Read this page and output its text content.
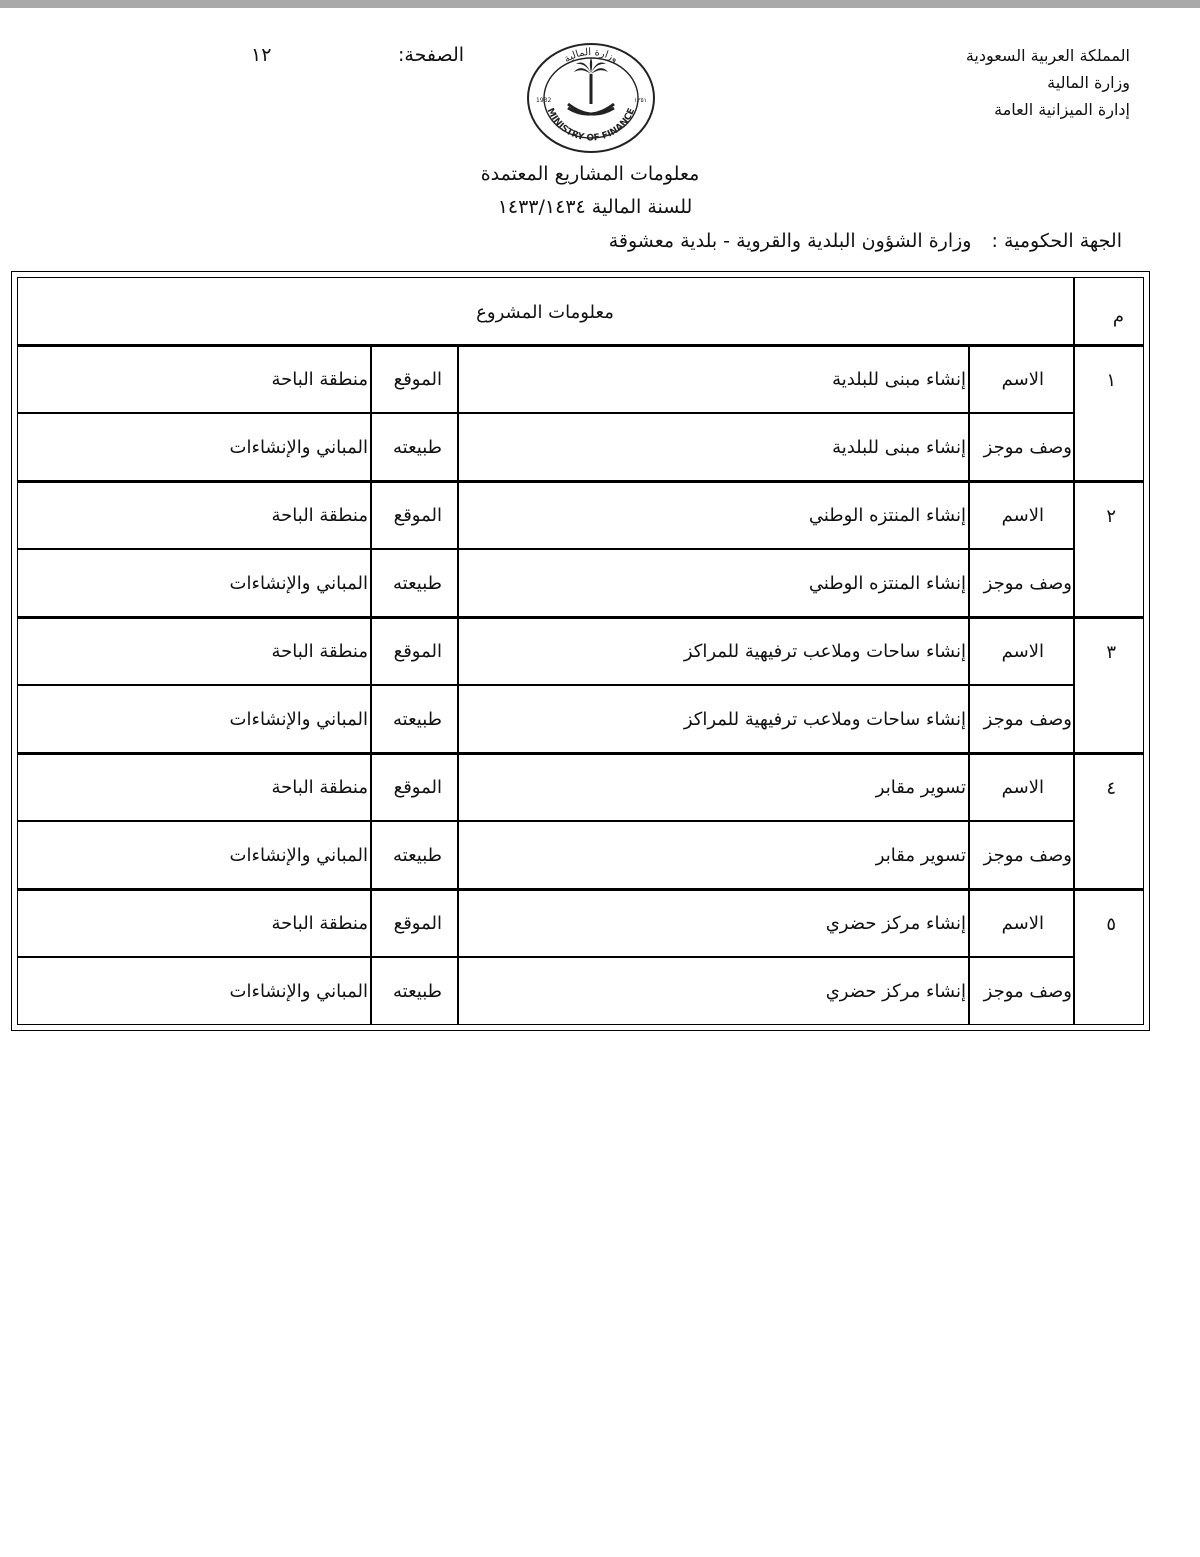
المملكة العربية السعودية
وزارة المالية
إدارة الميزانية العامة
الصفحة:
١٢	وزارة المالية
MINISTRY OF FINANCE
1932	١٣٥١
معلومات المشاريع المعتمدة
للسنة المالية ١٤٣٣/١٤٣٤
الجهة الحكومية : وزارة الشؤون البلدية والقروية - بلدية معشوقة
م
معلومات المشروع
١
الاسم
إنشاء مبنى للبلدية
الموقع
منطقة الباحة
وصف موجز
إنشاء مبنى للبلدية
طبيعته
المباني والإنشاءات
٢
الاسم
إنشاء المنتزه الوطني
الموقع
منطقة الباحة
وصف موجز
إنشاء المنتزه الوطني
طبيعته
المباني والإنشاءات
٣
الاسم
إنشاء ساحات وملاعب ترفيهية للمراكز
الموقع
منطقة الباحة
وصف موجز
إنشاء ساحات وملاعب ترفيهية للمراكز
طبيعته
المباني والإنشاءات
٤
الاسم
تسوير مقابر
الموقع
منطقة الباحة
وصف موجز
تسوير مقابر
طبيعته
المباني والإنشاءات
٥
الاسم
إنشاء مركز حضري
الموقع
منطقة الباحة
وصف موجز
إنشاء مركز حضري
طبيعته
المباني والإنشاءات
